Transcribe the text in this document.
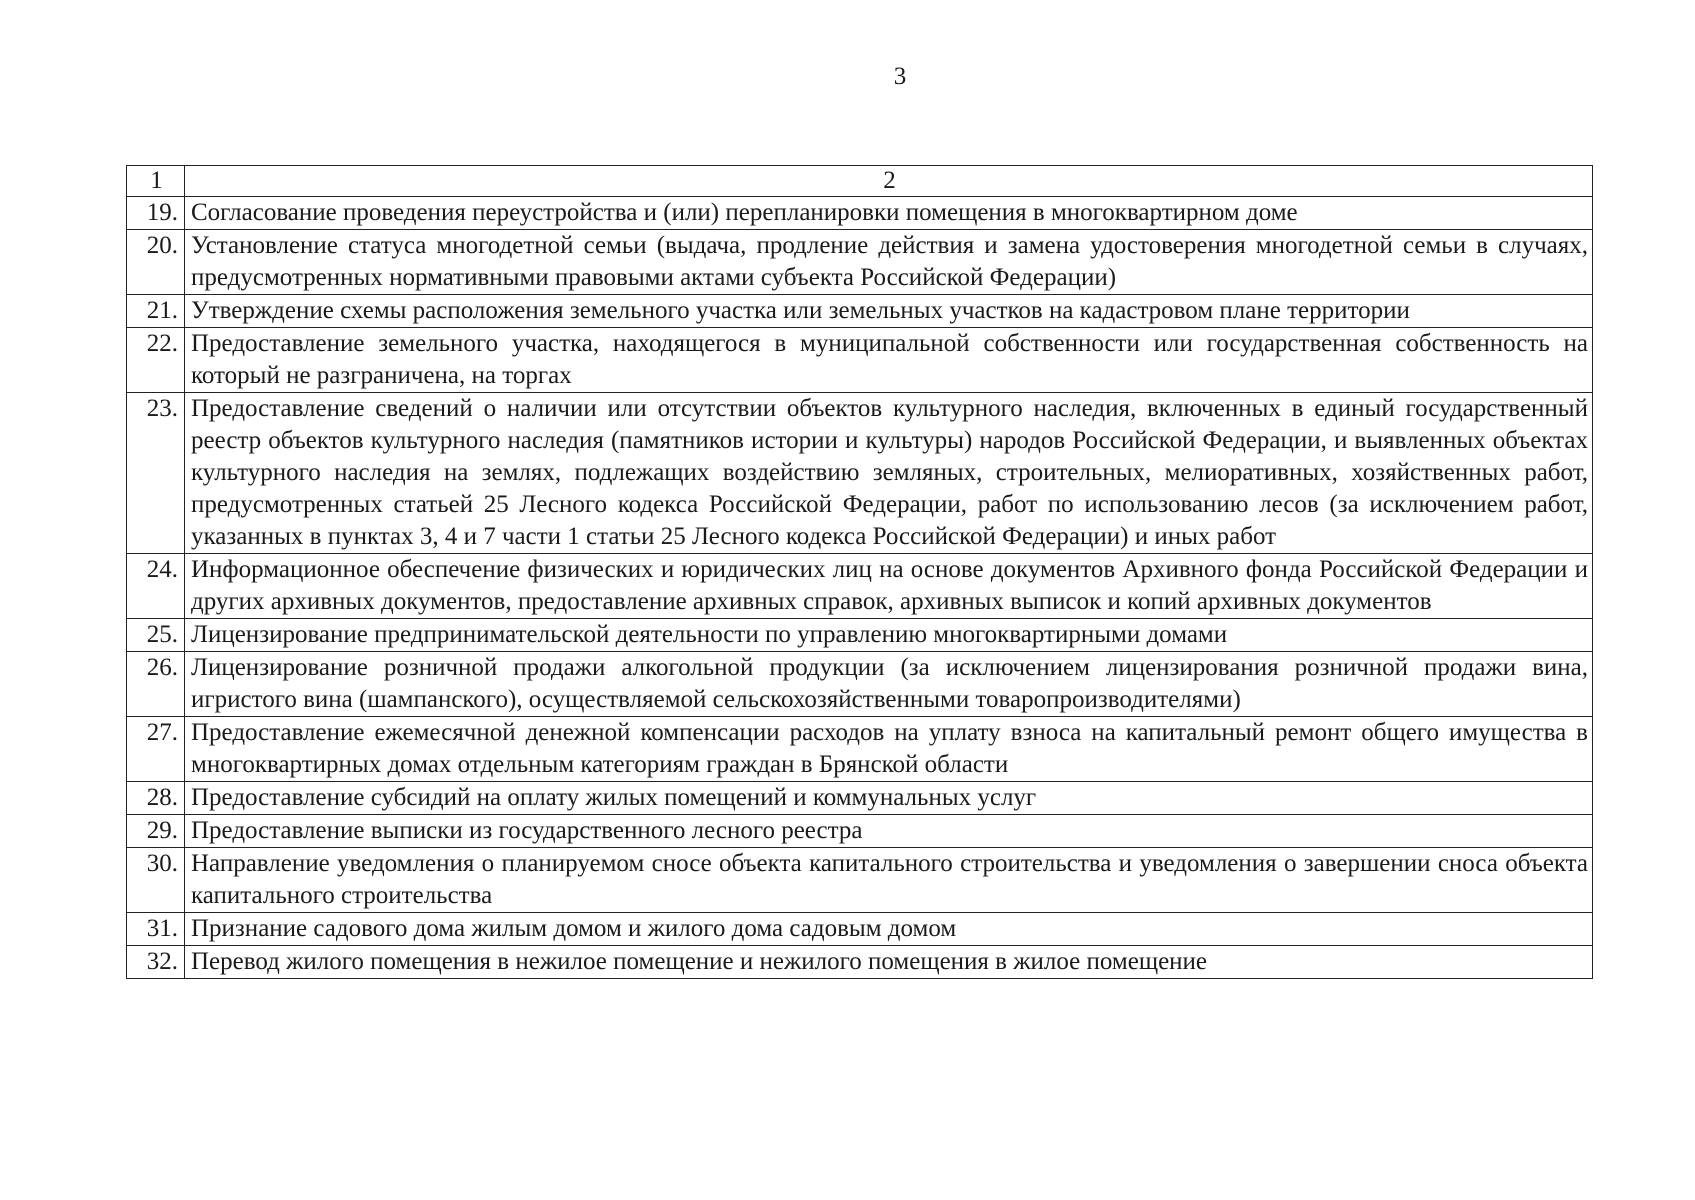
3
1	2
19.	Согласование проведения переустройства и (или) перепланировки помещения в многоквартирном доме
20.	Установление статуса многодетной семьи (выдача, продление действия и замена удостоверения многодетной семьи в случаях, предусмотренных нормативными правовыми актами субъекта Российской Федерации)
21.	Утверждение схемы расположения земельного участка или земельных участков на кадастровом плане территории
22.	Предоставление земельного участка, находящегося в муниципальной собственности или государственная собственность на который не разграничена, на торгах
23.	Предоставление сведений о наличии или отсутствии объектов культурного наследия, включенных в единый государственный реестр объектов культурного наследия (памятников истории и культуры) народов Российской Федерации, и выявленных объектах культурного наследия на землях, подлежащих воздействию земляных, строительных, мелиоративных, хозяйственных работ, предусмотренных статьей 25 Лесного кодекса Российской Федерации, работ по использованию лесов (за исключением работ, указанных в пунктах 3, 4 и 7 части 1 статьи 25 Лесного кодекса Российской Федерации) и иных работ
24.	Информационное обеспечение физических и юридических лиц на основе документов Архивного фонда Российской Федерации и других архивных документов, предоставление архивных справок, архивных выписок и копий архивных документов
25.	Лицензирование предпринимательской деятельности по управлению многоквартирными домами
26.	Лицензирование розничной продажи алкогольной продукции (за исключением лицензирования розничной продажи вина, игристого вина (шампанского), осуществляемой сельскохозяйственными товаропроизводителями)
27.	Предоставление ежемесячной денежной компенсации расходов на уплату взноса на капитальный ремонт общего имущества в многоквартирных домах отдельным категориям граждан в Брянской области
28.	Предоставление субсидий на оплату жилых помещений и коммунальных услуг
29.	Предоставление выписки из государственного лесного реестра
30.	Направление уведомления о планируемом сносе объекта капитального строительства и уведомления о завершении сноса объекта капитального строительства
31.	Признание садового дома жилым домом и жилого дома садовым домом
32.	Перевод жилого помещения в нежилое помещение и нежилого помещения в жилое помещение
